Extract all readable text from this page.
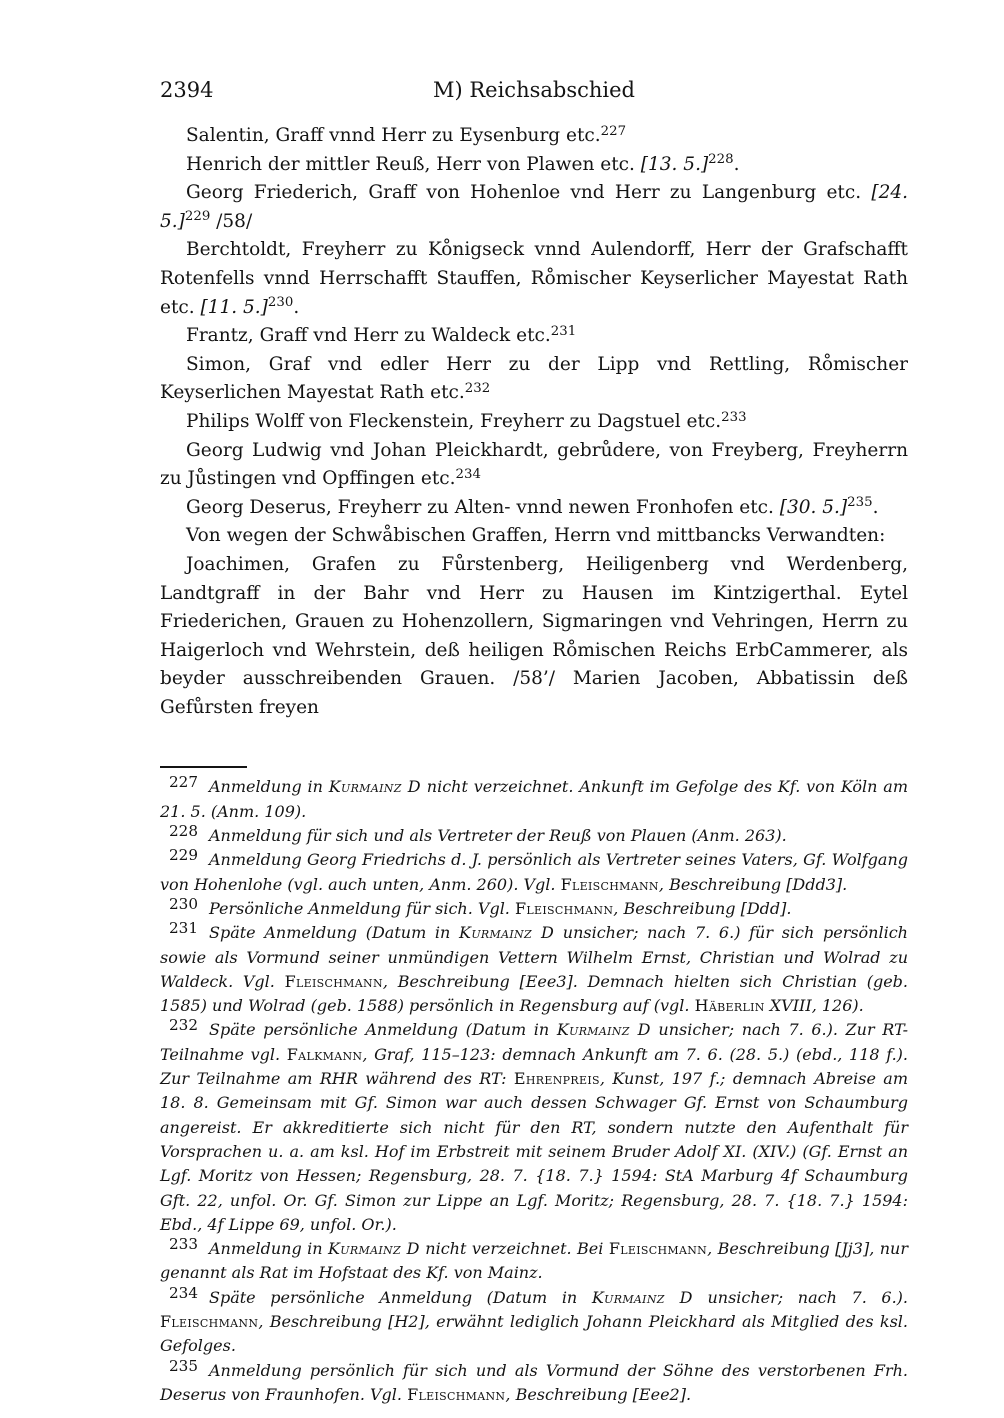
2394	M) Reichsabschied

Salentin, Graff vnnd Herr zu Eysenburg etc.$^{227}$

Henrich der mittler Reuß, Herr von Plawen etc. [13. 5.]$^{228}$.

Georg Friederich, Graff von Hohenloe vnd Herr zu Langenburg etc. [24. 5.]$^{229}$ /58/

Berchtoldt, Freyherr zu Ko̊nigseck vnnd Aulendorff, Herr der Grafschafft Rotenfells vnnd Herrschafft Stauffen, Ro̊mischer Keyserlicher Mayestat Rath etc. [11. 5.]$^{230}$.

Frantz, Graff vnd Herr zu Waldeck etc.$^{231}$

Simon, Graf vnd edler Herr zu der Lipp vnd Rettling, Ro̊mischer Keyserlichen Mayestat Rath etc.$^{232}$

Philips Wolff von Fleckenstein, Freyherr zu Dagstuel etc.$^{233}$

Georg Ludwig vnd Johan Pleickhardt, gebrůdere, von Freyberg, Freyherrn zu Jůstingen vnd Opffingen etc.$^{234}$

Georg Deserus, Freyherr zu Alten- vnnd newen Fronhofen etc. [30. 5.]$^{235}$.

Von wegen der Schwåbischen Graffen, Herrn vnd mittbancks Verwandten:

Joachimen, Grafen zu Fůrstenberg, Heiligenberg vnd Werdenberg, Landtgraff in der Bahr vnd Herr zu Hausen im Kintzigerthal. Eytel Friederichen, Grauen zu Hohenzollern, Sigmaringen vnd Vehringen, Herrn zu Haigerloch vnd Wehrstein, deß heiligen Ro̊mischen Reichs ErbCammerer, als beyder ausschreibenden Grauen. /58’/ Marien Jacoben, Abbatissin deß Gefůrsten freyen

227 Anmeldung in Kurmainz D nicht verzeichnet. Ankunft im Gefolge des Kf. von Köln am 21. 5. (Anm. 109).

228 Anmeldung für sich und als Vertreter der Reuß von Plauen (Anm. 263).

229 Anmeldung Georg Friedrichs d. J. persönlich als Vertreter seines Vaters, Gf. Wolfgang von Hohenlohe (vgl. auch unten, Anm. 260). Vgl. Fleischmann, Beschreibung [Ddd3].

230 Persönliche Anmeldung für sich. Vgl. Fleischmann, Beschreibung [Ddd].

231 Späte Anmeldung (Datum in Kurmainz D unsicher; nach 7. 6.) für sich persönlich sowie als Vormund seiner unmündigen Vettern Wilhelm Ernst, Christian und Wolrad zu Waldeck. Vgl. Fleischmann, Beschreibung [Eee3]. Demnach hielten sich Christian (geb. 1585) und Wolrad (geb. 1588) persönlich in Regensburg auf (vgl. Häberlin XVIII, 126).

232 Späte persönliche Anmeldung (Datum in Kurmainz D unsicher; nach 7. 6.). Zur RT-Teilnahme vgl. Falkmann, Graf, 115–123: demnach Ankunft am 7. 6. (28. 5.) (ebd., 118 f.). Zur Teilnahme am RHR während des RT: Ehrenpreis, Kunst, 197 f.; demnach Abreise am 18. 8. Gemeinsam mit Gf. Simon war auch dessen Schwager Gf. Ernst von Schaumburg angereist. Er akkreditierte sich nicht für den RT, sondern nutzte den Aufenthalt für Vorsprachen u. a. am ksl. Hof im Erbstreit mit seinem Bruder Adolf XI. (XIV.) (Gf. Ernst an Lgf. Moritz von Hessen; Regensburg, 28. 7. {18. 7.} 1594: StA Marburg 4f Schaumburg Gft. 22, unfol. Or. Gf. Simon zur Lippe an Lgf. Moritz; Regensburg, 28. 7. {18. 7.} 1594: Ebd., 4f Lippe 69, unfol. Or.).

233 Anmeldung in Kurmainz D nicht verzeichnet. Bei Fleischmann, Beschreibung [Jj3], nur genannt als Rat im Hofstaat des Kf. von Mainz.

234 Späte persönliche Anmeldung (Datum in Kurmainz D unsicher; nach 7. 6.). Fleischmann, Beschreibung [H2], erwähnt lediglich Johann Pleickhard als Mitglied des ksl. Gefolges.

235 Anmeldung persönlich für sich und als Vormund der Söhne des verstorbenen Frh. Deserus von Fraunhofen. Vgl. Fleischmann, Beschreibung [Eee2].
